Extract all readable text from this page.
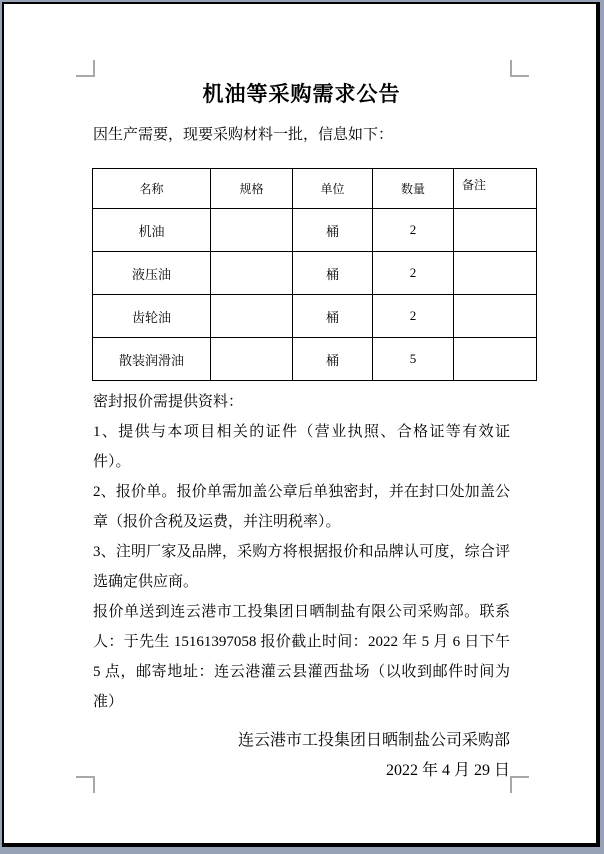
机油等采购需求公告

因生产需要，现要采购材料一批，信息如下：

名称	规格	单位	数量	备注
机油		桶	2	
液压油		桶	2	
齿轮油		桶	2	
散装润滑油		桶	5	

密封报价需提供资料：

1、提供与本项目相关的证件（营业执照、合格证等有效证件）。

2、报价单。报价单需加盖公章后单独密封，并在封口处加盖公章（报价含税及运费，并注明税率）。

3、注明厂家及品牌，采购方将根据报价和品牌认可度，综合评选确定供应商。

报价单送到连云港市工投集团日晒制盐有限公司采购部。联系人：于先生 15161397058 报价截止时间：2022 年 5 月 6 日下午 5 点，邮寄地址：连云港灌云县灌西盐场（以收到邮件时间为准）

连云港市工投集团日晒制盐公司采购部
2022 年 4 月 29 日
